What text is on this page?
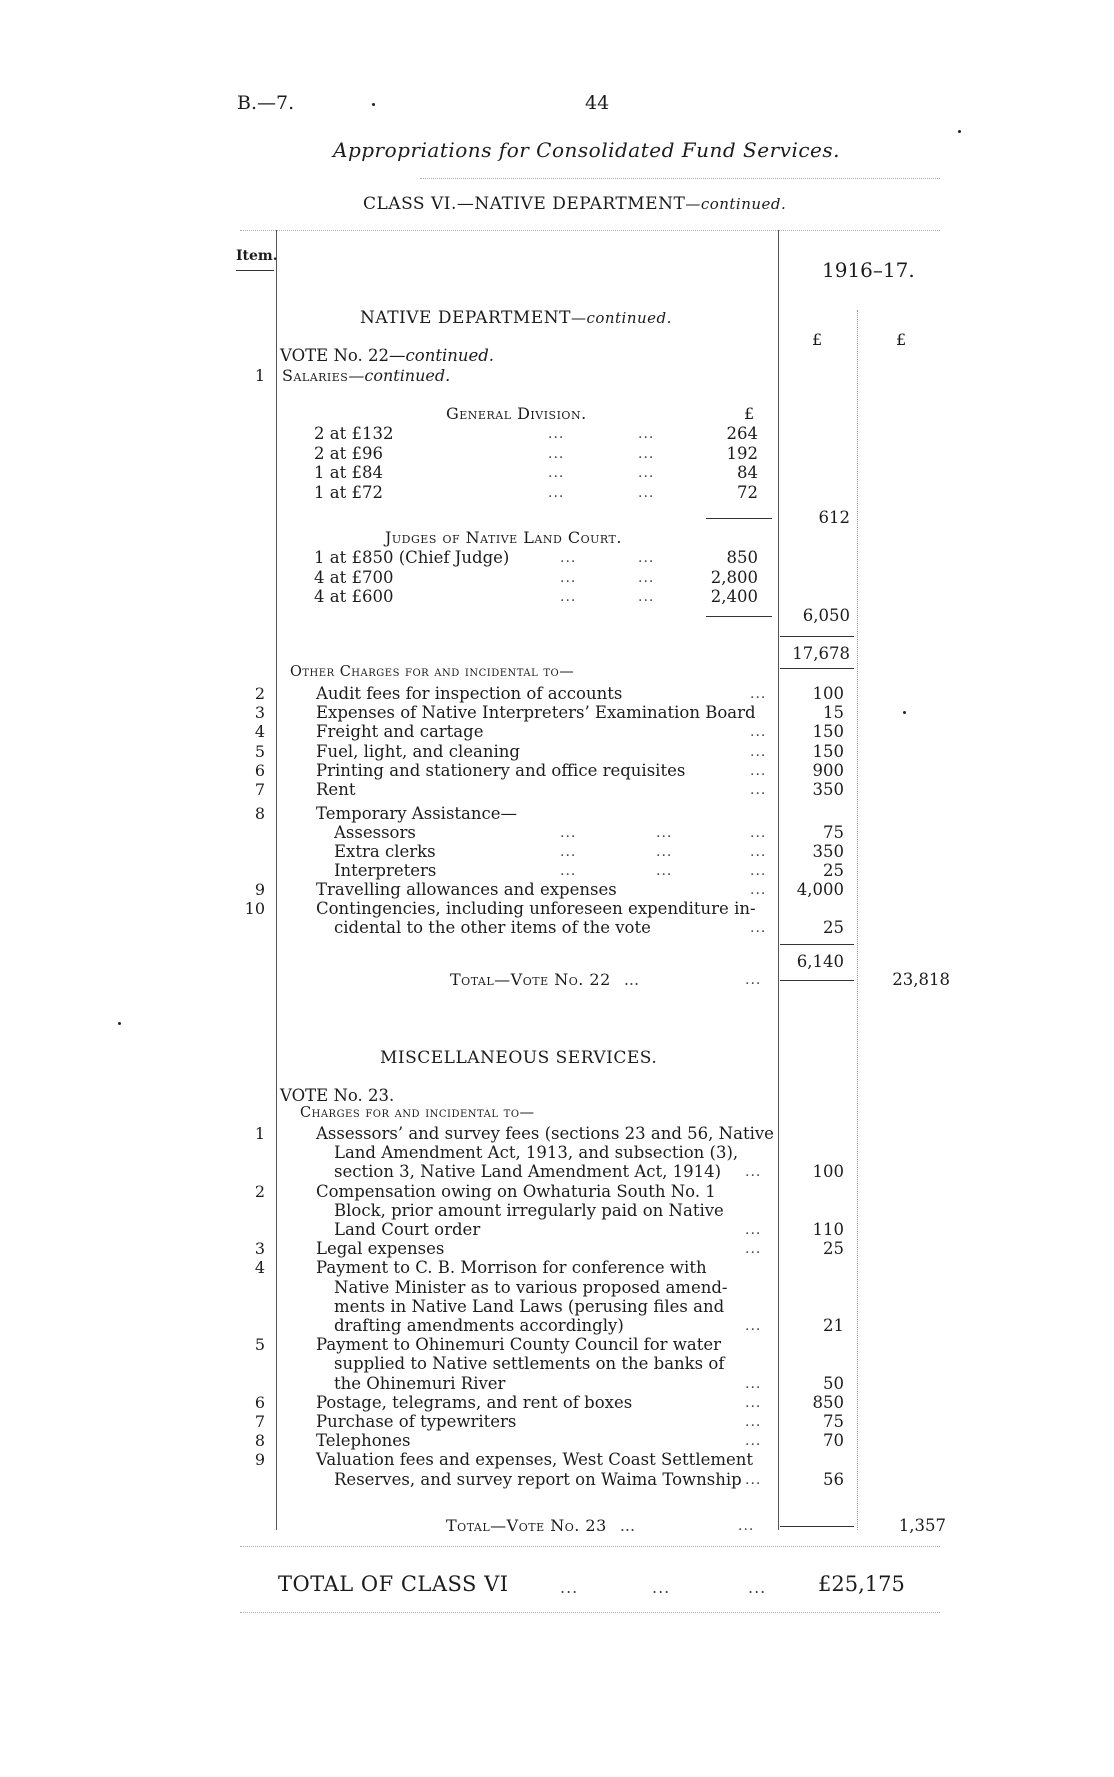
B.—7.	44
Appropriations for Consolidated Fund Services.
CLASS VI.—NATIVE DEPARTMENT—continued.
Item.
1916–17.
£	£
NATIVE DEPARTMENT—continued.
VOTE No. 22—continued.
1 Salaries—continued.
General Division.	£
2 at £132	...	...	264
2 at £96	...	...	192
1 at £84	...	...	84
1 at £72	...	...	72
612
Judges of Native Land Court.
1 at £850 (Chief Judge)	...	...	850
4 at £700	...	...	2,800
4 at £600	...	...	2,400
6,050
17,678
Other Charges for and incidental to—
2	Audit fees for inspection of accounts	...	100
3	Expenses of Native Interpreters’ Examination Board	15
4	Freight and cartage	...	150
5	Fuel, light, and cleaning	...	150
6	Printing and stationery and office requisites	...	900
7	Rent	...	350
8	Temporary Assistance—
Assessors	...	...	...	75
Extra clerks	...	...	...	350
Interpreters	...	...	...	25
9	Travelling allowances and expenses	...	4,000
10	Contingencies, including unforeseen expenditure in-
cidental to the other items of the vote	...	25
6,140
Total—Vote No. 22 ...	...	23,818
MISCELLANEOUS SERVICES.
VOTE No. 23.
Charges for and incidental to—
1	Assessors’ and survey fees (sections 23 and 56, Native
Land Amendment Act, 1913, and subsection (3),
section 3, Native Land Amendment Act, 1914) ...	100
2	Compensation owing on Owhaturia South No. 1
Block, prior amount irregularly paid on Native
Land Court order	...	110
3	Legal expenses	...	25
4	Payment to C. B. Morrison for conference with
Native Minister as to various proposed amend-
ments in Native Land Laws (perusing files and
drafting amendments accordingly)	...	21
5	Payment to Ohinemuri County Council for water
supplied to Native settlements on the banks of
the Ohinemuri River	...	50
6	Postage, telegrams, and rent of boxes	...	850
7	Purchase of typewriters	...	75
8	Telephones	...	70
9	Valuation fees and expenses, West Coast Settlement
Reserves, and survey report on Waima Township ...	56
Total—Vote No. 23 ...	...	1,357
TOTAL OF CLASS VI	...	...	... £25,175
